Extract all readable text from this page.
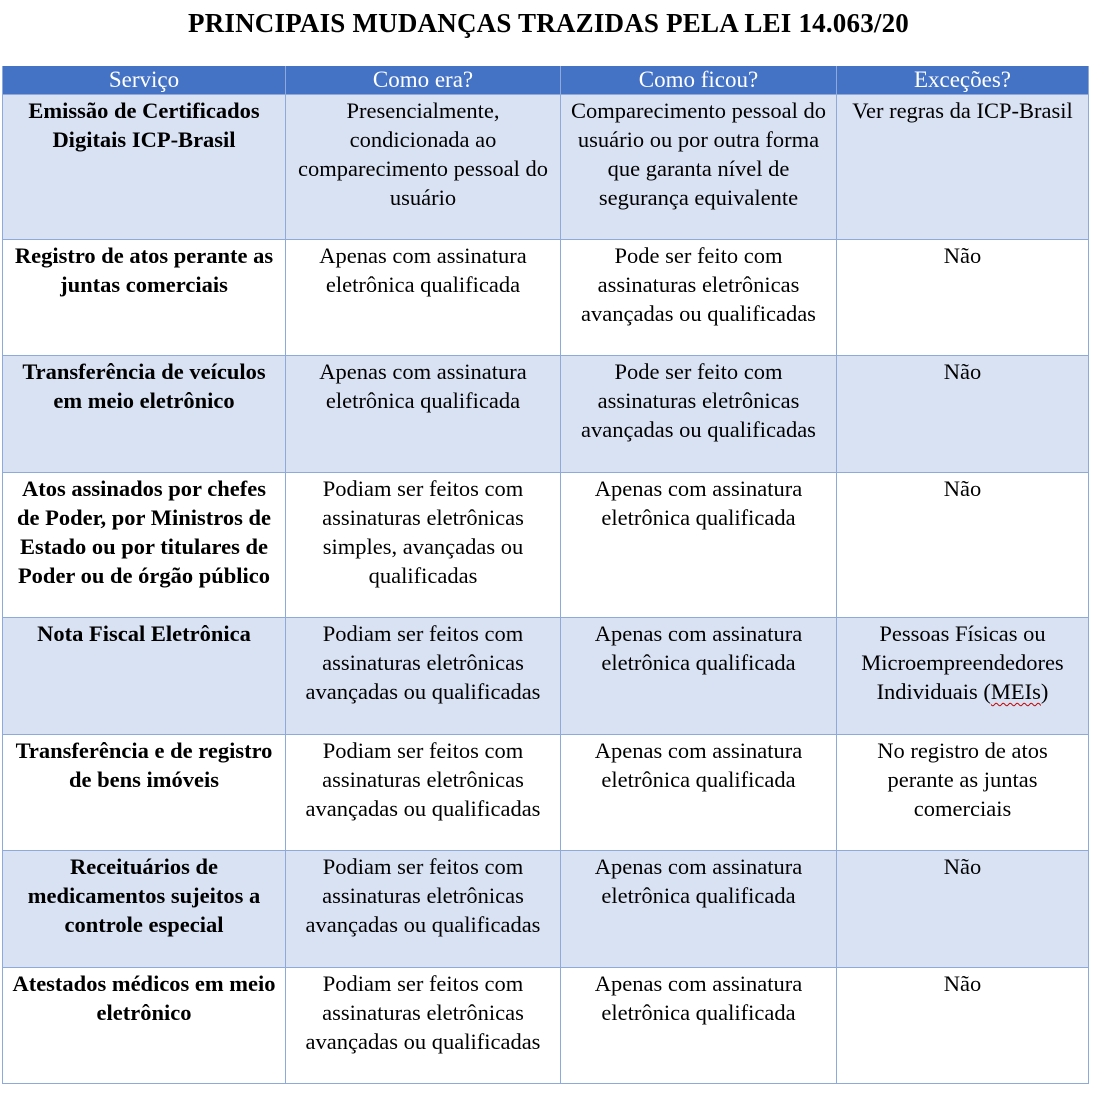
PRINCIPAIS MUDANÇAS TRAZIDAS PELA LEI 14.063/20
Serviço	Como era?	Como ficou?	Exceções?
Emissão de Certificados Digitais ICP-Brasil	Presencialmente, condicionada ao comparecimento pessoal do usuário	Comparecimento pessoal do usuário ou por outra forma que garanta nível de segurança equivalente	Ver regras da ICP-Brasil
Registro de atos perante as juntas comerciais	Apenas com assinatura eletrônica qualificada	Pode ser feito com assinaturas eletrônicas avançadas ou qualificadas	Não
Transferência de veículos em meio eletrônico	Apenas com assinatura eletrônica qualificada	Pode ser feito com assinaturas eletrônicas avançadas ou qualificadas	Não
Atos assinados por chefes de Poder, por Ministros de Estado ou por titulares de Poder ou de órgão público	Podiam ser feitos com assinaturas eletrônicas simples, avançadas ou qualificadas	Apenas com assinatura eletrônica qualificada	Não
Nota Fiscal Eletrônica	Podiam ser feitos com assinaturas eletrônicas avançadas ou qualificadas	Apenas com assinatura eletrônica qualificada	Pessoas Físicas ou Microempreendedores Individuais (MEIs)
Transferência e de registro de bens imóveis	Podiam ser feitos com assinaturas eletrônicas avançadas ou qualificadas	Apenas com assinatura eletrônica qualificada	No registro de atos perante as juntas comerciais
Receituários de medicamentos sujeitos a controle especial	Podiam ser feitos com assinaturas eletrônicas avançadas ou qualificadas	Apenas com assinatura eletrônica qualificada	Não
Atestados médicos em meio eletrônico	Podiam ser feitos com assinaturas eletrônicas avançadas ou qualificadas	Apenas com assinatura eletrônica qualificada	Não
